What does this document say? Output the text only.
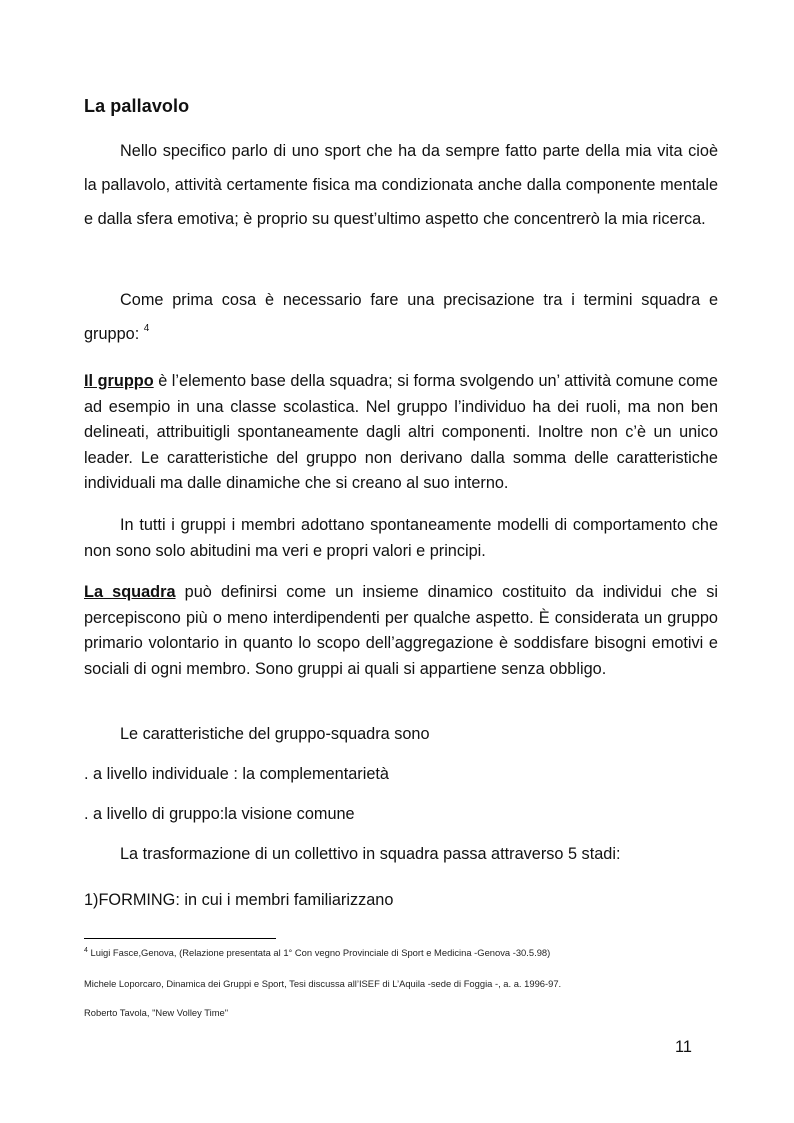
La pallavolo

Nello specifico parlo di uno sport che ha da sempre fatto parte della mia vita cioè la pallavolo, attività certamente fisica ma condizionata anche dalla componente mentale e dalla sfera emotiva; è proprio su quest’ultimo aspetto che concentrerò la mia ricerca.

Come prima cosa è necessario fare una precisazione tra i termini squadra e gruppo: $^4$

Il gruppo è l’elemento base della squadra; si forma svolgendo un’ attività comune come ad esempio in una classe scolastica. Nel gruppo l’individuo ha dei ruoli, ma non ben delineati, attribuitigli spontaneamente dagli altri componenti. Inoltre non c’è un unico leader. Le caratteristiche del gruppo non derivano dalla somma delle caratteristiche individuali ma dalle dinamiche che si creano al suo interno.

In tutti i gruppi i membri adottano spontaneamente modelli di comportamento che non sono solo abitudini ma veri e propri valori e principi.

La squadra può definirsi come un insieme dinamico costituito da individui che si percepiscono più o meno interdipendenti per qualche aspetto. È considerata un gruppo primario volontario in quanto lo scopo dell’aggregazione è soddisfare bisogni emotivi e sociali di ogni membro. Sono gruppi ai quali si appartiene senza obbligo.

Le caratteristiche del gruppo-squadra sono
. a livello individuale : la complementarietà
. a livello di gruppo:la visione comune
La trasformazione di un collettivo in squadra passa attraverso 5 stadi:
1)FORMING: in cui i membri familiarizzano
$^4$ Luigi Fasce,Genova, (Relazione presentata al 1° Con vegno Provinciale di Sport e Medicina -Genova -30.5.98)
Michele Loporcaro, Dinamica dei Gruppi e Sport, Tesi discussa all’ISEF di L’Aquila -sede di Foggia -, a. a. 1996-97.
Roberto Tavola, "New Volley Time"
11
